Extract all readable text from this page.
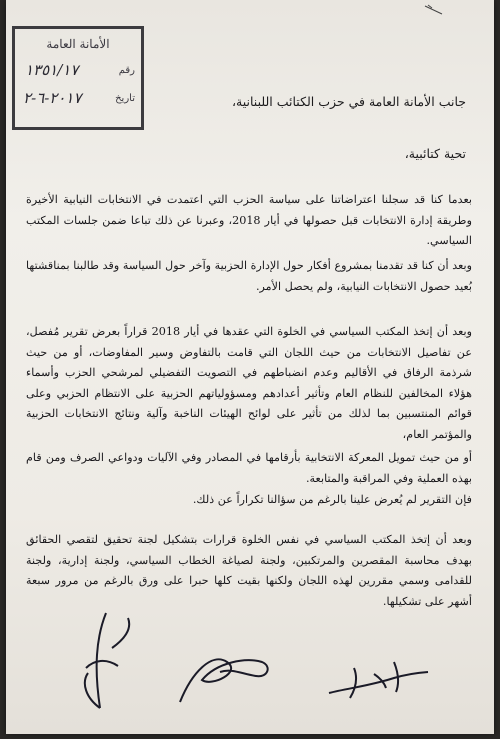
الأمانة العامة
رقم
تاريخ
١٣٥١/١٧
٢٠١٧-٦-٢	جانب الأمانة العامة في حزب الكتائب اللبنانية،
تحية كتائبية،
بعدما كنا قد سجلنا اعتراضاتنا على سياسة الحزب التي اعتمدت في الانتخابات النيابية الأخيرة وطريقة إدارة الانتخابات قبل حصولها في أيار 2018، وعبرنا عن ذلك تباعا ضمن جلسات المكتب السياسي.
وبعد أن كنا قد تقدمنا بمشروع أفكار حول الإدارة الحزبية وآخر حول السياسة وقد طالبنا بمناقشتها بُعيد حصول الانتخابات النيابية، ولم يحصل الأمر.
وبعد أن إتخذ المكتب السياسي في الخلوة التي عقدها في أيار 2018 قراراً بعرض تقرير مُفصل، عن تفاصيل الانتخابات من حيث اللجان التي قامت بالتفاوض وسير المفاوضات، أو من حيث شرذمة الرفاق في الأقاليم وعدم انضباطهم في التصويت التفضيلي لمرشحي الحزب وأسماء هؤلاء المخالفين للنظام العام وتأثير أعدادهم ومسؤولياتهم الحزبية على الانتظام الحزبي وعلى قوائم المنتسبين بما لذلك من تأثير على لوائح الهيئات الناخبة وآلية ونتائج الانتخابات الحزبية والمؤتمر العام،
أو من حيث تمويل المعركة الانتخابية بأرقامها في المصادر وفي الآليات ودواعي الصرف ومن قام بهذه العملية وفي المراقبة والمتابعة.
فإن التقرير لم يُعرض علينا بالرغم من سؤالنا تكراراً عن ذلك.
وبعد أن إتخذ المكتب السياسي في نفس الخلوة قرارات بتشكيل لجنة تحقيق لتقصي الحقائق بهدف محاسبة المقصرين والمرتكبين، ولجنة لصياغة الخطاب السياسي، ولجنة إدارية، ولجنة للقدامى وسمي مقررين لهذه اللجان ولكنها بقيت كلها حبرا على ورق بالرغم من مرور سبعة أشهر على تشكيلها.
